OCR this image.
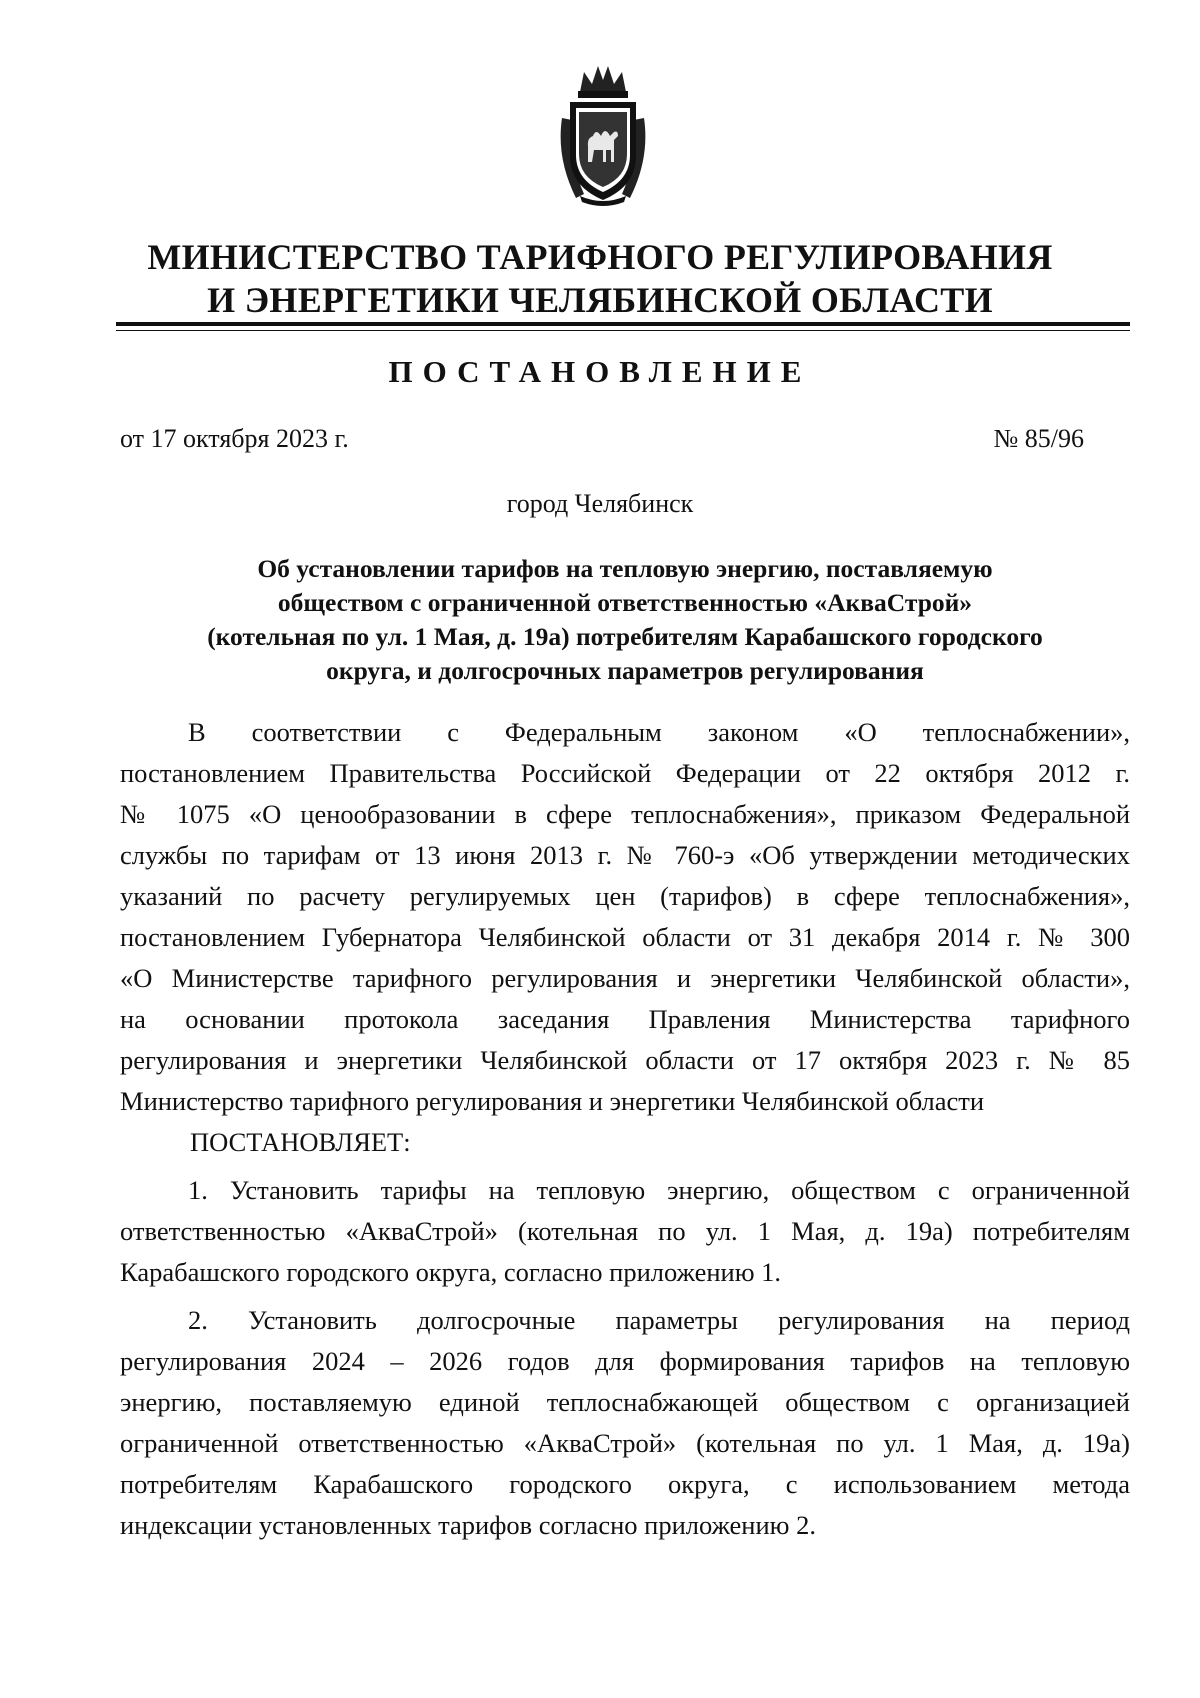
МИНИСТЕРСТВО ТАРИФНОГО РЕГУЛИРОВАНИЯ
И ЭНЕРГЕТИКИ ЧЕЛЯБИНСКОЙ ОБЛАСТИ
ПОСТАНОВЛЕНИЕ
от 17 октября 2023 г.	№ 85/96
город Челябинск
Об установлении тарифов на тепловую энергию, поставляемую
обществом с ограниченной ответственностью «АкваСтрой»
(котельная по ул. 1 Мая, д. 19а) потребителям Карабашского городского
округа, и долгосрочных параметров регулирования
В соответствии с Федеральным законом «О теплоснабжении»,
постановлением Правительства Российской Федерации от 22 октября 2012 г.
№ 1075 «О ценообразовании в сфере теплоснабжения», приказом Федеральной
службы по тарифам от 13 июня 2013 г. № 760-э «Об утверждении методических
указаний по расчету регулируемых цен (тарифов) в сфере теплоснабжения»,
постановлением Губернатора Челябинской области от 31 декабря 2014 г. № 300
«О Министерстве тарифного регулирования и энергетики Челябинской области»,
на основании протокола заседания Правления Министерства тарифного
регулирования и энергетики Челябинской области от 17 октября 2023 г. № 85
Министерство тарифного регулирования и энергетики Челябинской области
ПОСТАНОВЛЯЕТ:
1. Установить тарифы на тепловую энергию, обществом с ограниченной
ответственностью «АкваСтрой» (котельная по ул. 1 Мая, д. 19а) потребителям
Карабашского городского округа, согласно приложению 1.
2. Установить долгосрочные параметры регулирования на период
регулирования 2024 – 2026 годов для формирования тарифов на тепловую
энергию, поставляемую единой теплоснабжающей обществом с организацией
ограниченной ответственностью «АкваСтрой» (котельная по ул. 1 Мая, д. 19а)
потребителям Карабашского городского округа, с использованием метода
индексации установленных тарифов согласно приложению 2.
